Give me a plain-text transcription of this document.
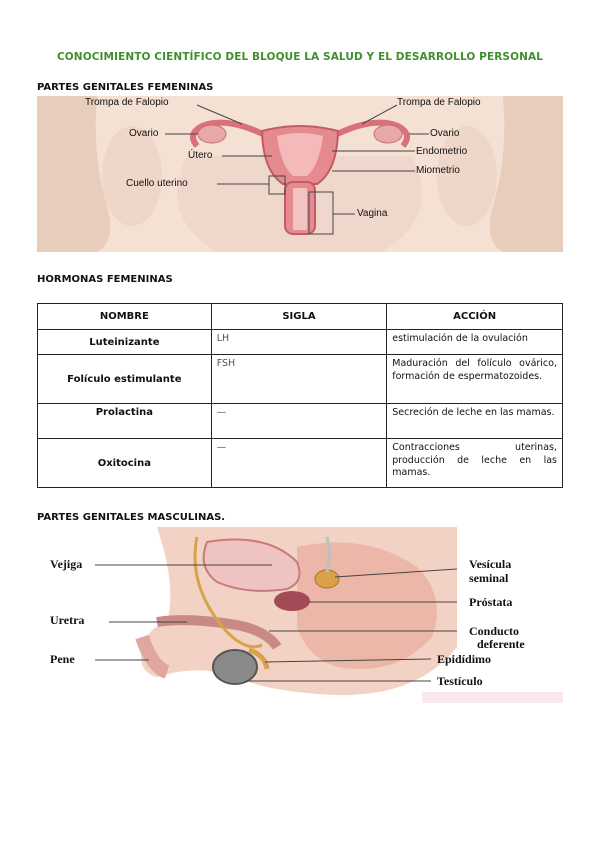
CONOCIMIENTO CIENTÍFICO DEL BLOQUE LA SALUD Y EL DESARROLLO PERSONAL
PARTES GENITALES FEMENINAS
Trompa de Falopio	Trompa de Falopio
Ovario	Ovario
Útero	Endometrio
Miometrio
Cuello uterino
Vagina
HORMONAS FEMENINAS
NOMBRE	SIGLA	ACCIÓN
Luteinizante	LH	estimulación de la ovulación
Folículo estimulante	FSH	Maduración del folículo ovárico, formación de espermatozoides.
Prolactina	—	Secreción de leche en las mamas.
Oxitocina	—	Contracciones uterinas, producción de leche en las mamas.
PARTES GENITALES MASCULINAS.
Vejiga
Uretra
Pene
Vesícula
seminal
Próstata
Conducto
deferente
Epidídimo
Testículo
